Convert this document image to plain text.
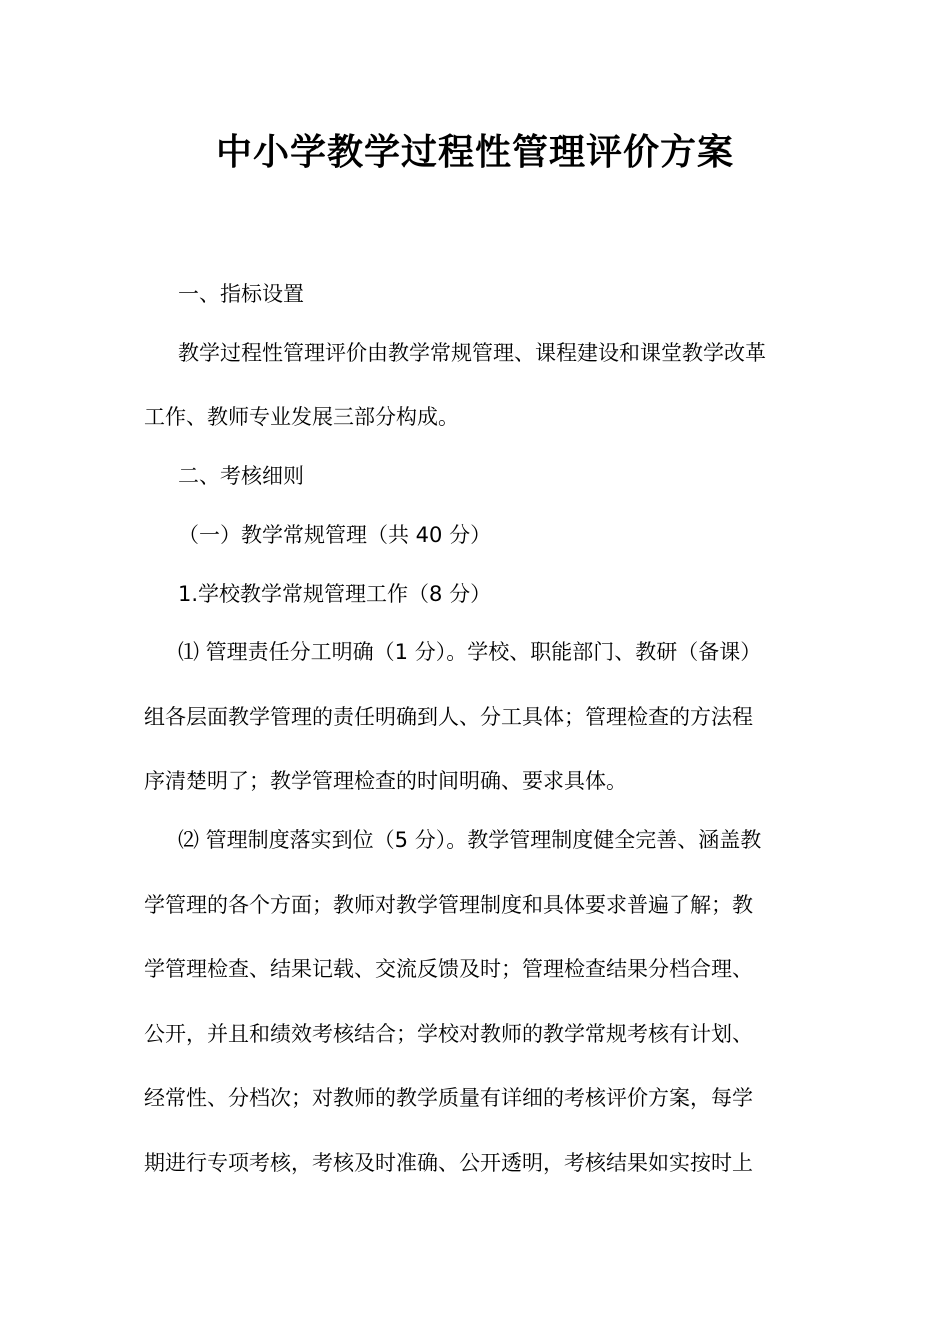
中小学教学过程性管理评价方案

一、指标设置

教学过程性管理评价由教学常规管理、课程建设和课堂教学改革

工作、教师专业发展三部分构成。

二、考核细则

（一）教学常规管理（共 40 分）

1.学校教学常规管理工作（8 分）

⑴ 管理责任分工明确（1 分）。学校、职能部门、教研（备课）

组各层面教学管理的责任明确到人、分工具体；管理检查的方法程

序清楚明了；教学管理检查的时间明确、要求具体。

⑵ 管理制度落实到位（5 分）。教学管理制度健全完善、涵盖教

学管理的各个方面；教师对教学管理制度和具体要求普遍了解；教

学管理检查、结果记载、交流反馈及时；管理检查结果分档合理、

公开，并且和绩效考核结合；学校对教师的教学常规考核有计划、

经常性、分档次；对教师的教学质量有详细的考核评价方案，每学

期进行专项考核，考核及时准确、公开透明，考核结果如实按时上
